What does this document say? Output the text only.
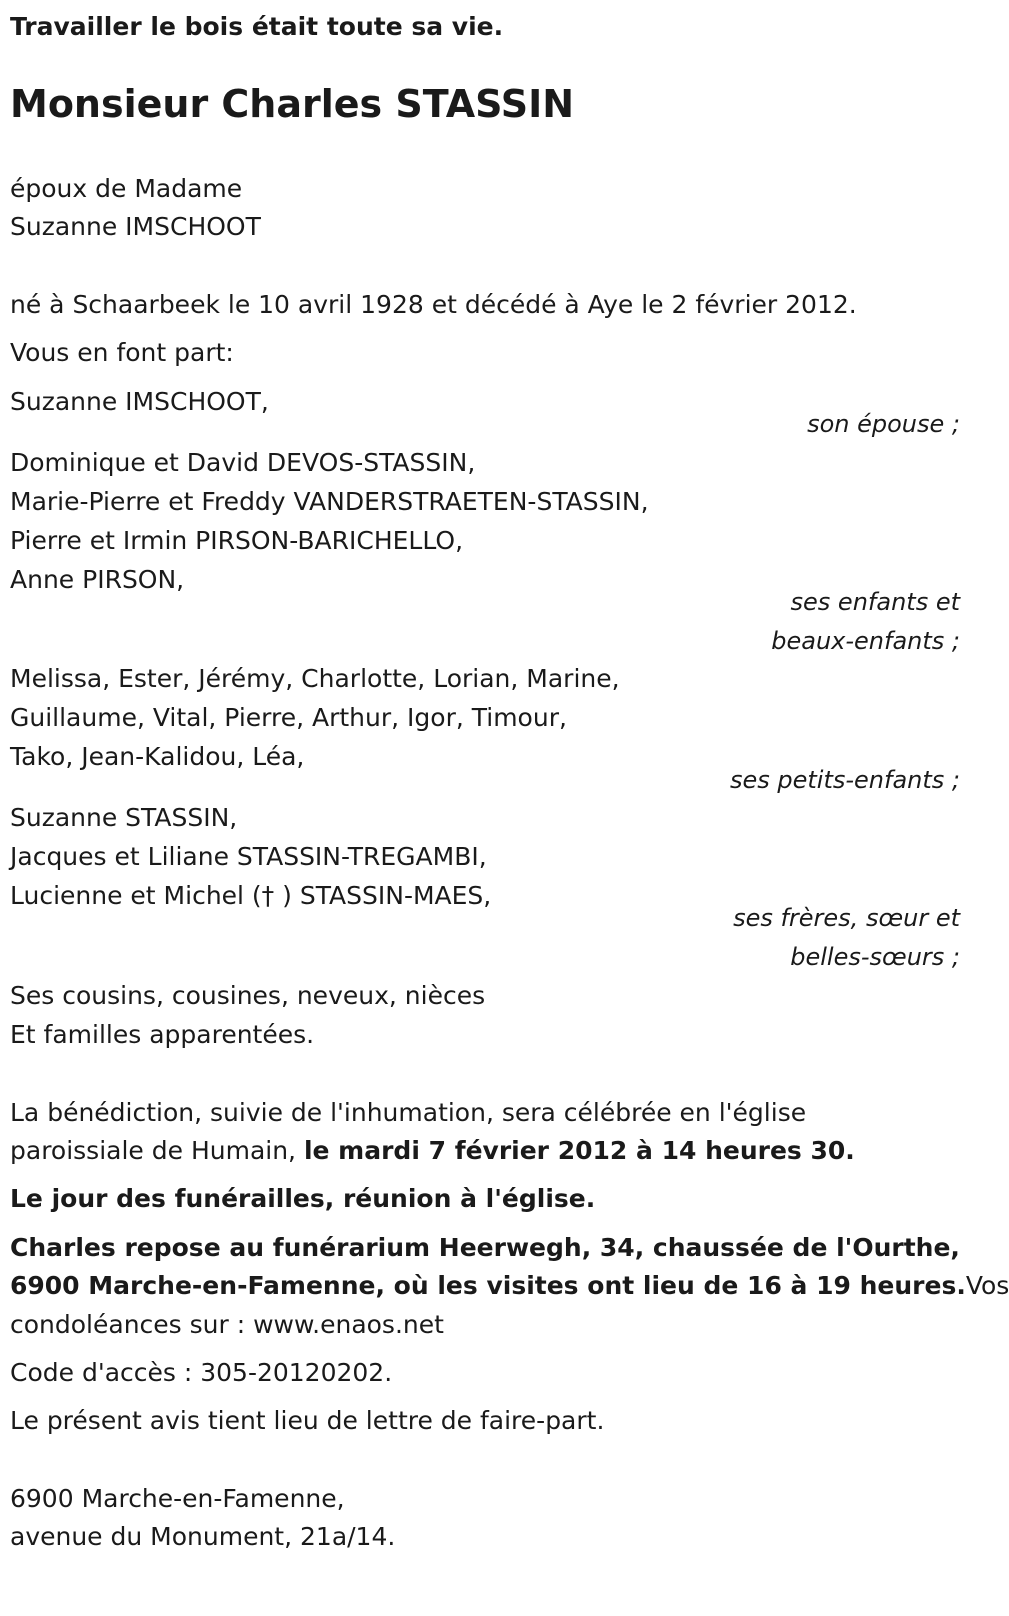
Travailler le bois était toute sa vie.
Monsieur Charles STASSIN
époux de Madame
Suzanne IMSCHOOT
né à Schaarbeek le 10 avril 1928 et décédé à Aye le 2 février 2012.
Vous en font part:
Suzanne IMSCHOOT,
son épouse ;
Dominique et David DEVOS-STASSIN,
Marie-Pierre et Freddy VANDERSTRAETEN-STASSIN,
Pierre et Irmin PIRSON-BARICHELLO,
Anne PIRSON,
ses enfants et
beaux-enfants ;
Melissa, Ester, Jérémy, Charlotte, Lorian, Marine,
Guillaume, Vital, Pierre, Arthur, Igor, Timour,
Tako, Jean-Kalidou, Léa,
ses petits-enfants ;
Suzanne STASSIN,
Jacques et Liliane STASSIN-TREGAMBI,
Lucienne et Michel († ) STASSIN-MAES,
ses frères, sœur et
belles-sœurs ;
Ses cousins, cousines, neveux, nièces
Et familles apparentées.
La bénédiction, suivie de l'inhumation, sera célébrée en l'église
paroissiale de Humain, le mardi 7 février 2012 à 14 heures 30.
Le jour des funérailles, réunion à l'église.
Charles repose au funérarium Heerwegh, 34, chaussée de l'Ourthe,
6900 Marche-en-Famenne, où les visites ont lieu de 16 à 19 heures.Vos
condoléances sur : www.enaos.net
Code d'accès : 305-20120202.
Le présent avis tient lieu de lettre de faire-part.
6900 Marche-en-Famenne,
avenue du Monument, 21a/14.
